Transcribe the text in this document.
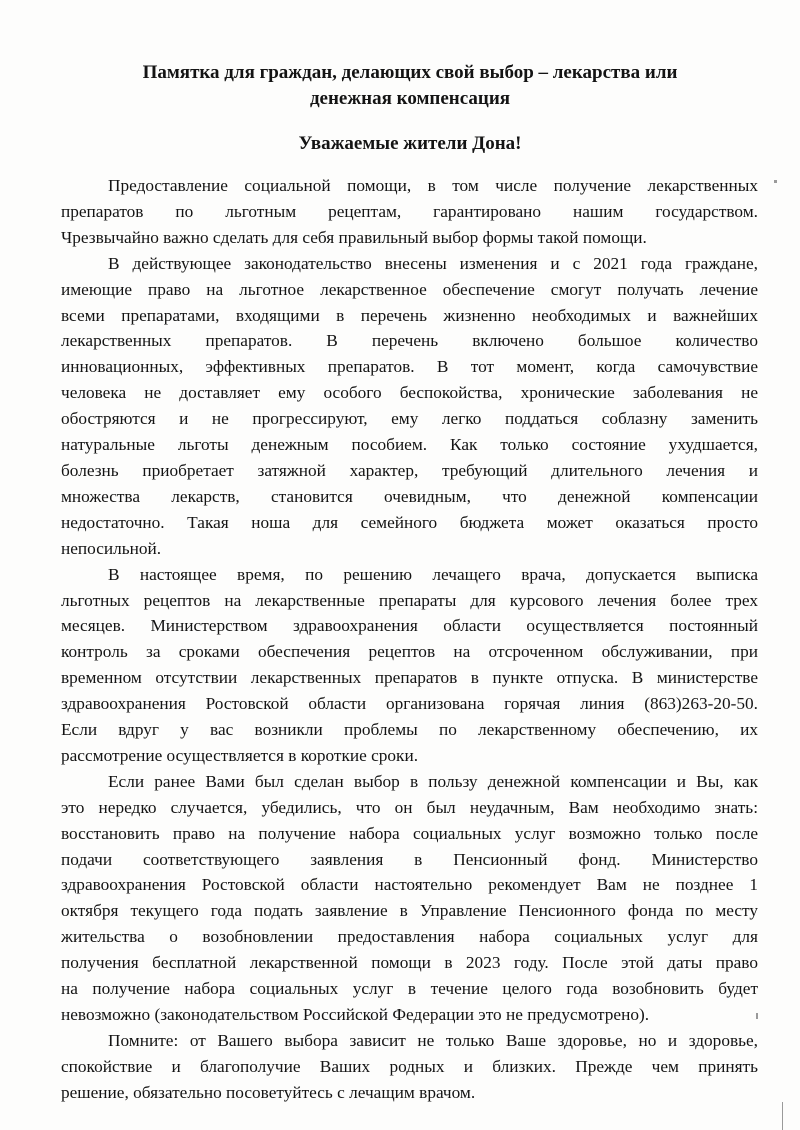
Памятка для граждан, делающих свой выбор – лекарства или
денежная компенсация
Уважаемые жители Дона!

Предоставление социальной помощи, в том числе получение лекарственных
препаратов по льготным рецептам, гарантировано нашим государством.
Чрезвычайно важно сделать для себя правильный выбор формы такой помощи.

В действующее законодательство внесены изменения и с 2021 года граждане,
имеющие право на льготное лекарственное обеспечение смогут получать лечение
всеми препаратами, входящими в перечень жизненно необходимых и важнейших
лекарственных препаратов. В перечень включено большое количество
инновационных, эффективных препаратов. В тот момент, когда самочувствие
человека не доставляет ему особого беспокойства, хронические заболевания не
обостряются и не прогрессируют, ему легко поддаться соблазну заменить
натуральные льготы денежным пособием. Как только состояние ухудшается,
болезнь приобретает затяжной характер, требующий длительного лечения и
множества лекарств, становится очевидным, что денежной компенсации
недостаточно. Такая ноша для семейного бюджета может оказаться просто
непосильной.

В настоящее время, по решению лечащего врача, допускается выписка
льготных рецептов на лекарственные препараты для курсового лечения более трех
месяцев. Министерством здравоохранения области осуществляется постоянный
контроль за сроками обеспечения рецептов на отсроченном обслуживании, при
временном отсутствии лекарственных препаратов в пункте отпуска. В министерстве
здравоохранения Ростовской области организована горячая линия (863)263-20-50.
Если вдруг у вас возникли проблемы по лекарственному обеспечению, их
рассмотрение осуществляется в короткие сроки.

Если ранее Вами был сделан выбор в пользу денежной компенсации и Вы, как
это нередко случается, убедились, что он был неудачным, Вам необходимо знать:
восстановить право на получение набора социальных услуг возможно только после
подачи соответствующего заявления в Пенсионный фонд. Министерство
здравоохранения Ростовской области настоятельно рекомендует Вам не позднее 1
октября текущего года подать заявление в Управление Пенсионного фонда по месту
жительства о возобновлении предоставления набора социальных услуг для
получения бесплатной лекарственной помощи в 2023 году. После этой даты право
на получение набора социальных услуг в течение целого года возобновить будет
невозможно (законодательством Российской Федерации это не предусмотрено).

Помните: от Вашего выбора зависит не только Ваше здоровье, но и здоровье,
спокойствие и благополучие Ваших родных и близких. Прежде чем принять
решение, обязательно посоветуйтесь с лечащим врачом.
